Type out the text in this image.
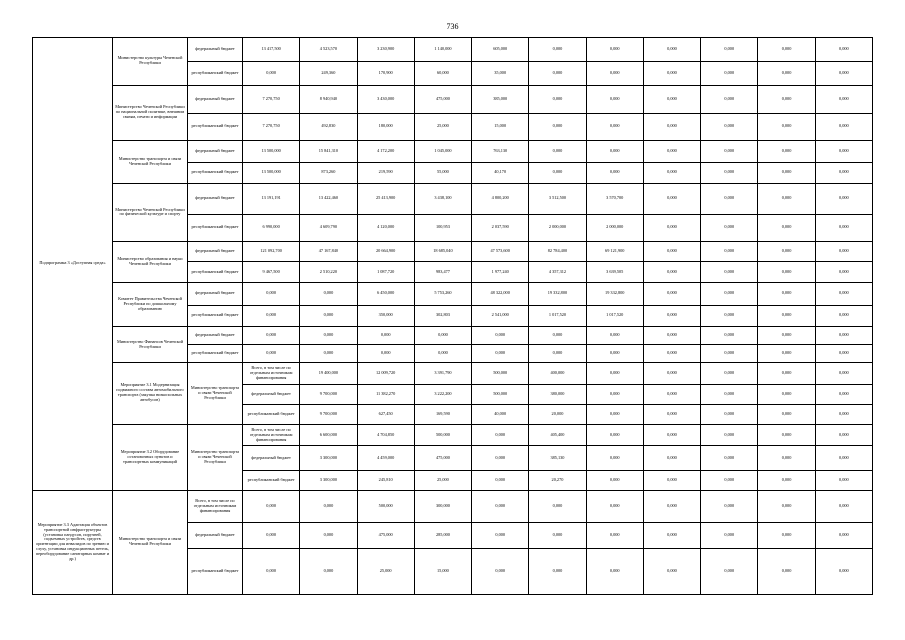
736
Подпрограмма 3 «Доступная среда»	Министерство культуры Чеченской Республики	федеральный бюджет	13 417,500	4 523,570	3 230,900	1 140,000	605,000	0,000	0,000	0,000	0,000	0,000	0,000	
		республиканский бюджет	0,000	249,360	170,900	60,000	35,000	0,000	0,000	0,000	0,000	0,000	0,000	
	Министерство Чеченской Республики по национальной политике, внешним связям, печати и информации	федеральный бюджет	7 270,750	8 940,940	3 430,000	475,000	385,000	0,000	0,000	0,000	0,000	0,000	0,000	
		республиканский бюджет	7 270,750	492,830	180,000	25,000	15,000	0,000	0,000	0,000	0,000	0,000	0,000	
	Министерство транспорта и связи Чеченской Республики	федеральный бюджет	13 500,000	15 841,310	4 172,200	1 045,000	763,130	0,000	0,000	0,000	0,000	0,000	0,000	
		республиканский бюджет	13 500,000	873,260	219,590	55,000	40,170	0,000	0,000	0,000	0,000	0,000	0,000	
	Министерство Чеченской Республики по физической культуре и спорту	федеральный бюджет	13 191,191	13 422,460	25 413,900	3 438,100	4 800,200	3 512,500	3 570,700	0,000	0,000	0,000	0,000	
		республиканский бюджет	6 990,000	4 609,790	4 120,000	100,953	2 037,590	2 000,000	2 000,000	0,000	0,000	0,000	0,000	
	Министерство образования и науки Чеченской Республики	федеральный бюджет	121 092,700	47 167,840	20 664,900	18 685,040	47 573,600	82 784,400	69 121,900	0,000	0,000	0,000	0,000	
		республиканский бюджет	9 467,500	2 510,220	1 087,720	983,477	1 977,240	4 357,312	3 639,505	0,000	0,000	0,000	0,000	
	Комитет Правительства Чеченской Республики по дошкольному образованию	федеральный бюджет	0,000	0,000	6 450,000	5 753,260	48 322,000	19 332,800	19 332,800	0,000	0,000	0,000	0,000	
		республиканский бюджет	0,000	0,000	350,000	302,803	2 541,000	1 017,520	1 017,520	0,000	0,000	0,000	0,000	
	Министерство Финансов Чеченской Республики	федеральный бюджет	0,000	0,000	0,000	0,000	0,000	0,000	0,000	0,000	0,000	0,000	0,000	
		республиканский бюджет	0,000	0,000	0,000	0,000	0,000	0,000	0,000	0,000	0,000	0,000	0,000	
	Мероприятие 3.1 Модернизация подвижного состава автомобильного транспорта (закупка низкопольных автобусов)	Министерство транспорта и связи Чеченской Республики	Всего, в том числе по отдельным источникам финансирования	19 400,000	12 009,720	3 391,790	500,000	400,000	0,000	0,000	0,000	0,000	0,000	
			федеральный бюджет	9 700,000	11 382,270	3 222,200	500,000	380,000	0,000	0,000	0,000	0,000	0,000	
			республиканский бюджет	9 700,000	627,450	169,590	40,000	20,000	0,000	0,000	0,000	0,000	0,000	
	Мероприятие 3.2 Оборудование остановочных пунктов и транспортных коммуникаций	Министерство транспорта и связи Чеченской Республики	Всего, в том числе по отдельным источникам финансирования	6 600,000	4 704,850	500,000	0,000	405,400	0,000	0,000	0,000	0,000	0,000	
			федеральный бюджет	3 300,000	4 459,000	475,000	0,000	385,130	0,000	0,000	0,000	0,000	0,000	
			республиканский бюджет	3 300,000	245,810	25,000	0,000	20,270	0,000	0,000	0,000	0,000	0,000	
Мероприятие 3.3 Адаптация объектов транспортной инфраструктуры (установка пандусов, поручней, подъемных устройств, средств ориентации для инвалидов по зрению и слуху, установка индукционных петель, переоборудование санитарных комнат и др.)	Министерство транспорта и связи Чеченской Республики	Всего, в том числе по отдельным источникам финансирования	0,000	0,000	500,000	300,000	0,000	0,000	0,000	0,000	0,000	0,000	0,000	
		федеральный бюджет	0,000	0,000	475,000	285,000	0,000	0,000	0,000	0,000	0,000	0,000	0,000	
		республиканский бюджет	0,000	0,000	25,000	15,000	0,000	0,000	0,000	0,000	0,000	0,000	0,000	
